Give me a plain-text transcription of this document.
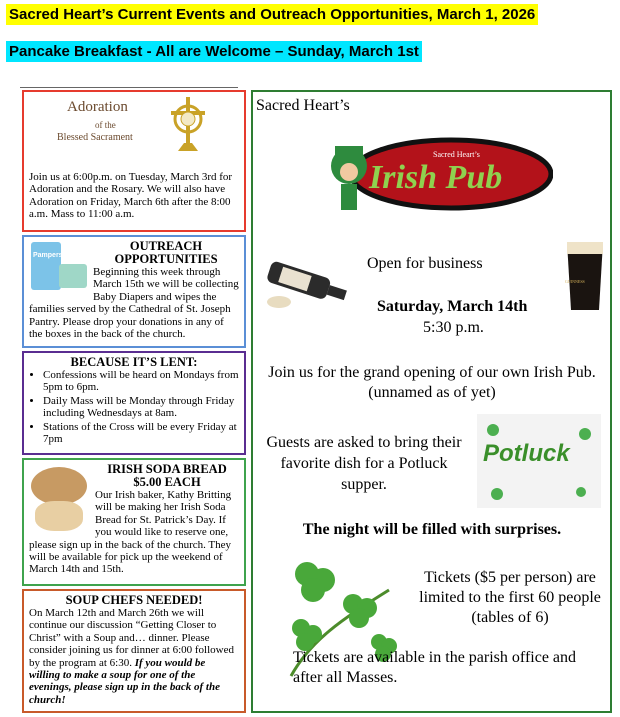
Sacred Heart’s Current Events and Outreach Opportunities, March 1, 2026
Pancake Breakfast - All are Welcome – Sunday, March 1st
Adoration
of the
Blessed Sacrament
Join us at 6:00p.m. on Tuesday, March 3rd for Adoration and the Rosary. We will also have Adoration on Friday, March 6th after the 8:00 a.m. Mass to 11:00 a.m.
Pampers
OUTREACH OPPORTUNITIES
Beginning this week through March 15th we will be collecting Baby Diapers and wipes the families served by the Cathedral of St. Joseph Pantry. Please drop your donations in any of the boxes in the back of the church.
BECAUSE IT’S LENT:
• Confessions will be heard on Mondays from 5pm to 6pm.
• Daily Mass will be Monday through Friday including Wednesdays at 8am.
• Stations of the Cross will be every Friday at 7pm
IRISH SODA BREAD
$5.00 EACH
Our Irish baker, Kathy Britting will be making her Irish Soda Bread for St. Patrick’s Day. If you would like to reserve one, please sign up in the back of the church. They will be available for pick up the weekend of March 14th and 15th.
SOUP CHEFS NEEDED!
On March 12th and March 26th we will continue our discussion “Getting Closer to Christ” with a Soup and… dinner. Please consider joining us for dinner at 6:00 followed by the program at 6:30. If you would be willing to make a soup for one of the evenings, please sign up in the back of the church!
Sacred Heart’s
Sacred Heart’s
Irish Pub
GUINNESS
Open for business
Saturday, March 14th
5:30 p.m.
Join us for the grand opening of our own Irish Pub.
(unnamed as of yet)
Guests are asked to bring their favorite dish for a Potluck supper.
Potluck
The night will be filled with surprises.
Tickets ($5 per person) are limited to the first 60 people (tables of 6)
Tickets are available in the parish office and after all Masses.
